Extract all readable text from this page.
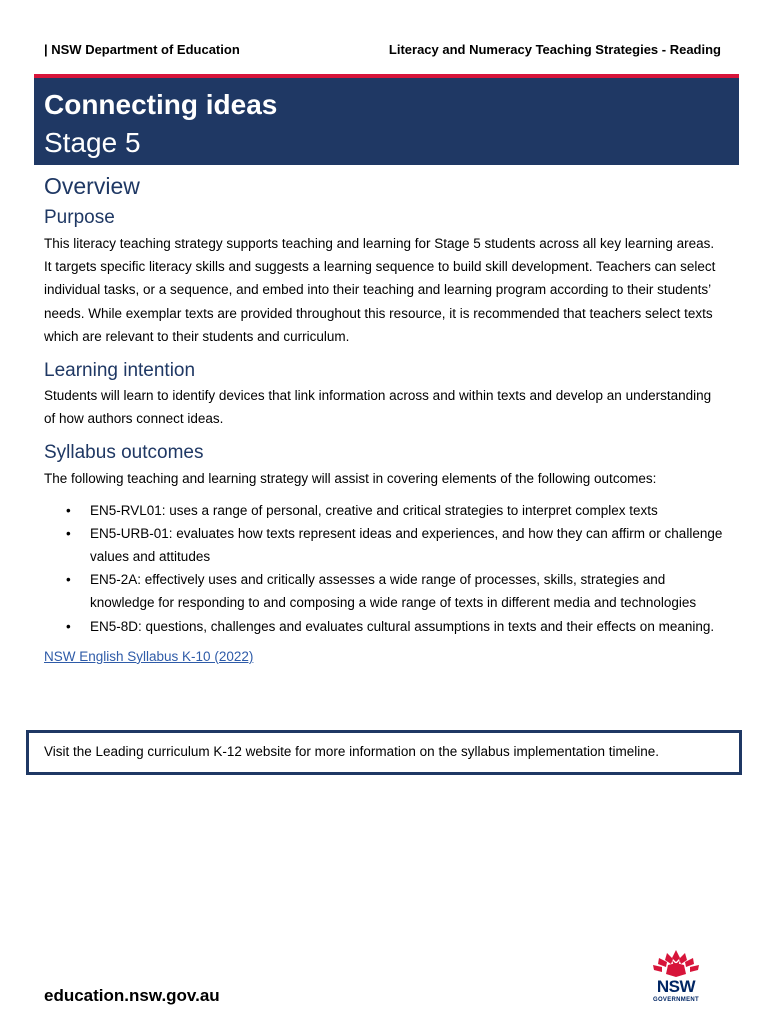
| NSW Department of Education	Literacy and Numeracy Teaching Strategies - Reading
Connecting ideas
Stage 5
Overview
Purpose

This literacy teaching strategy supports teaching and learning for Stage 5 students across all key learning areas. It targets specific literacy skills and suggests a learning sequence to build skill development. Teachers can select individual tasks, or a sequence, and embed into their teaching and learning program according to their students’ needs. While exemplar texts are provided throughout this resource, it is recommended that teachers select texts which are relevant to their students and curriculum.

Learning intention

Students will learn to identify devices that link information across and within texts and develop an understanding of how authors connect ideas.

Syllabus outcomes

The following teaching and learning strategy will assist in covering elements of the following outcomes:

• EN5-RVL01: uses a range of personal, creative and critical strategies to interpret complex texts
• EN5-URB-01: evaluates how texts represent ideas and experiences, and how they can affirm or challenge values and attitudes
• EN5-2A: effectively uses and critically assesses a wide range of processes, skills, strategies and knowledge for responding to and composing a wide range of texts in different media and technologies
• EN5-8D: questions, challenges and evaluates cultural assumptions in texts and their effects on meaning.
NSW English Syllabus K-10 (2022)
Visit the Leading curriculum K-12 website for more information on the syllabus implementation timeline.
education.nsw.gov.au	NSW
GOVERNMENT
